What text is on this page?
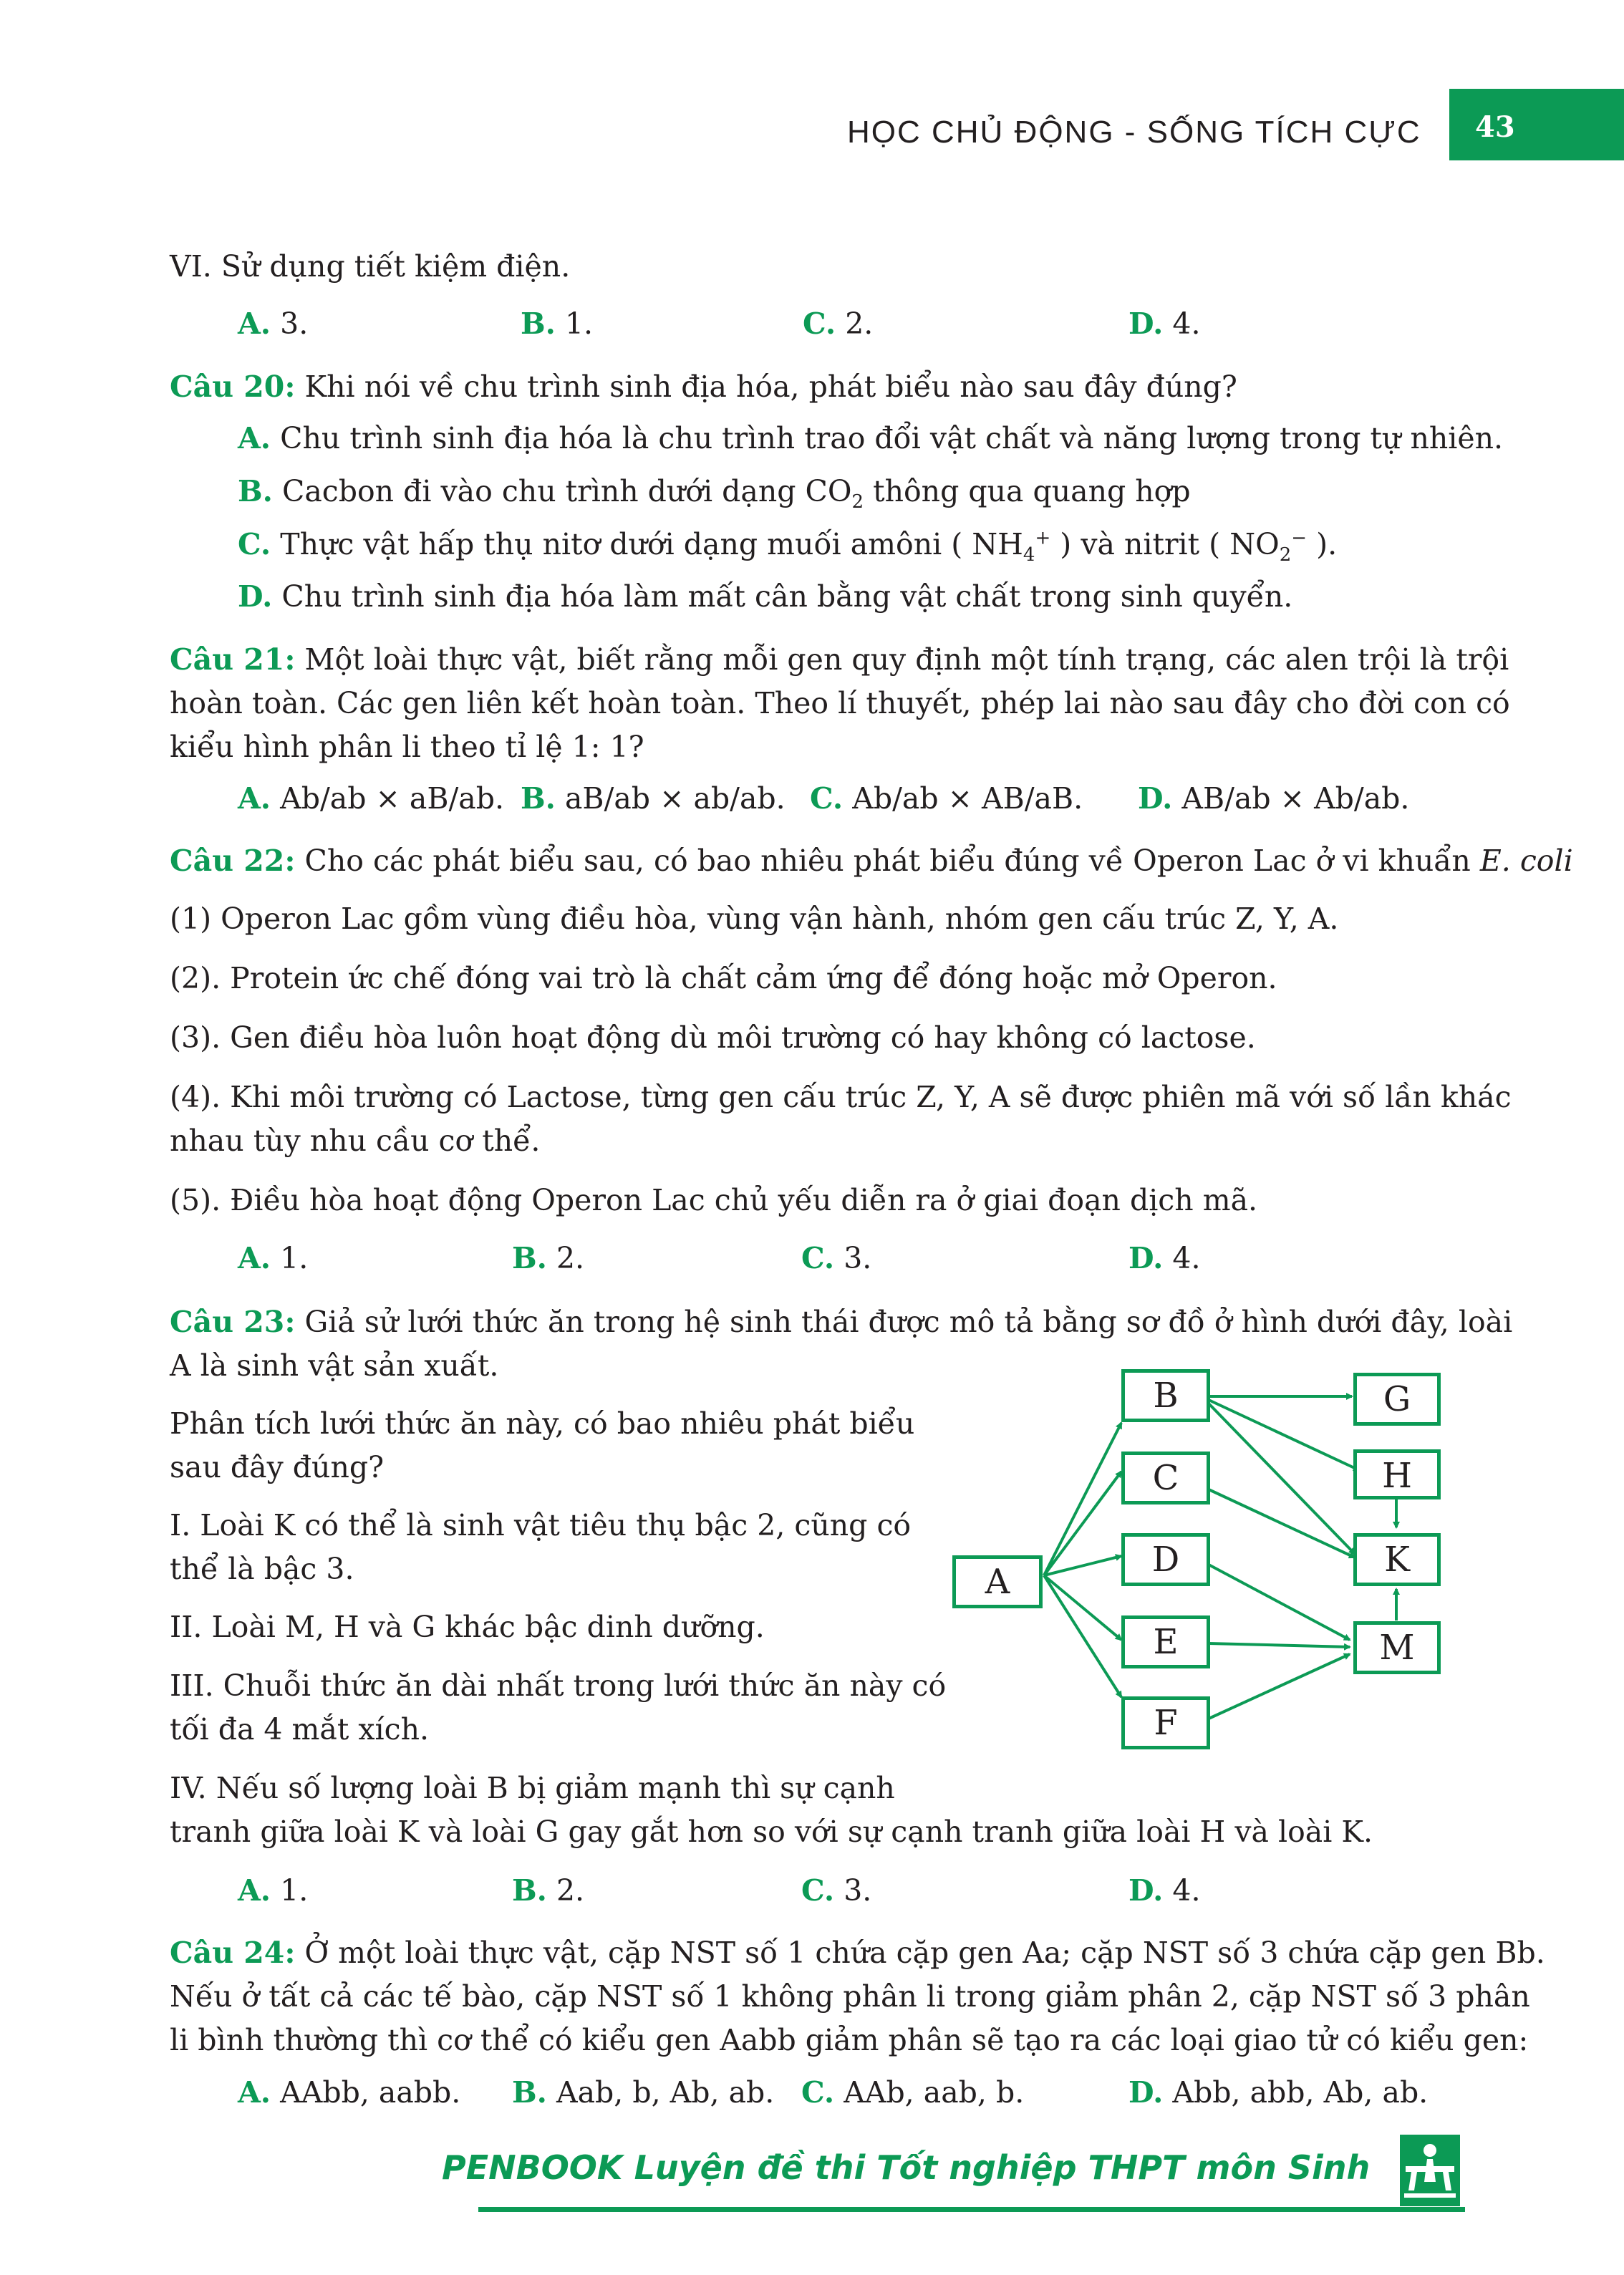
HỌC CHỦ ĐỘNG - SỐNG TÍCH CỰC	43
VI. Sử dụng tiết kiệm điện.
A. 3.	B. 1.	C. 2.	D. 4.
Câu 20: Khi nói về chu trình sinh địa hóa, phát biểu nào sau đây đúng?
A. Chu trình sinh địa hóa là chu trình trao đổi vật chất và năng lượng trong tự nhiên.
B. Cacbon đi vào chu trình dưới dạng $CO_2$ thông qua quang hợp
C. Thực vật hấp thụ nitơ dưới dạng muối amôni ( $NH_4^+$ ) và nitrit ( $NO_2^-$ ).
D. Chu trình sinh địa hóa làm mất cân bằng vật chất trong sinh quyển.
Câu 21: Một loài thực vật, biết rằng mỗi gen quy định một tính trạng, các alen trội là trội
hoàn toàn. Các gen liên kết hoàn toàn. Theo lí thuyết, phép lai nào sau đây cho đời con có
kiểu hình phân li theo tỉ lệ 1: 1?
A. Ab/ab × aB/ab. B. aB/ab × ab/ab. C. Ab/ab × AB/aB. D. AB/ab × Ab/ab.
Câu 22: Cho các phát biểu sau, có bao nhiêu phát biểu đúng về Operon Lac ở vi khuẩn E. coli
(1) Operon Lac gồm vùng điều hòa, vùng vận hành, nhóm gen cấu trúc Z, Y, A.
(2). Protein ức chế đóng vai trò là chất cảm ứng để đóng hoặc mở Operon.
(3). Gen điều hòa luôn hoạt động dù môi trường có hay không có lactose.
(4). Khi môi trường có Lactose, từng gen cấu trúc Z, Y, A sẽ được phiên mã với số lần khác
nhau tùy nhu cầu cơ thể.
(5). Điều hòa hoạt động Operon Lac chủ yếu diễn ra ở giai đoạn dịch mã.
A. 1.	B. 2.	C. 3.	D. 4.
Câu 23: Giả sử lưới thức ăn trong hệ sinh thái được mô tả bằng sơ đồ ở hình dưới đây, loài
A là sinh vật sản xuất.
Phân tích lưới thức ăn này, có bao nhiêu phát biểu
sau đây đúng?
I. Loài K có thể là sinh vật tiêu thụ bậc 2, cũng có
thể là bậc 3.
II. Loài M, H và G khác bậc dinh dưỡng.
III. Chuỗi thức ăn dài nhất trong lưới thức ăn này có
tối đa 4 mắt xích.
IV. Nếu số lượng loài B bị giảm mạnh thì sự cạnh
tranh giữa loài K và loài G gay gắt hơn so với sự cạnh tranh giữa loài H và loài K.
A. 1.	B. 2.	C. 3.	D. 4.
A
B
C
D
E
F
G
H
K
M
Câu 24: Ở một loài thực vật, cặp NST số 1 chứa cặp gen Aa; cặp NST số 3 chứa cặp gen Bb.
Nếu ở tất cả các tế bào, cặp NST số 1 không phân li trong giảm phân 2, cặp NST số 3 phân
li bình thường thì cơ thể có kiểu gen Aabb giảm phân sẽ tạo ra các loại giao tử có kiểu gen:
A. AAbb, aabb. B. Aab, b, Ab, ab. C. AAb, aab, b.	D. Abb, abb, Ab, ab.
PENBOOK Luyện đề thi Tốt nghiệp THPT môn Sinh
